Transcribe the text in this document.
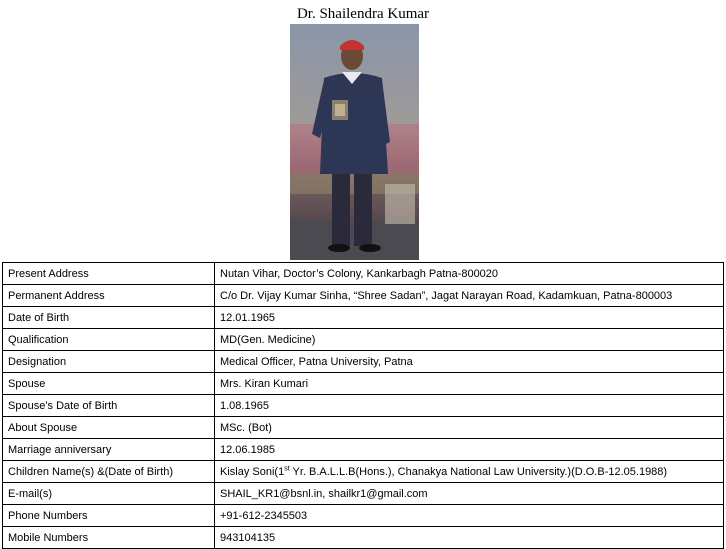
Dr. Shailendra Kumar
Present Address	Nutan Vihar, Doctor’s Colony, Kankarbagh Patna-800020
Permanent Address	C/o Dr. Vijay Kumar Sinha, “Shree Sadan”, Jagat Narayan Road, Kadamkuan, Patna-800003
Date of Birth	12.01.1965
Qualification	MD(Gen. Medicine)
Designation	Medical Officer, Patna University, Patna
Spouse	Mrs. Kiran Kumari
Spouse’s Date of Birth	1.08.1965
About Spouse	MSc. (Bot)
Marriage anniversary	12.06.1985
Children Name(s) &(Date of Birth)	Kislay Soni(1st Yr. B.A.L.L.B(Hons.), Chanakya National Law University.)(D.O.B-12.05.1988)
E-mail(s)	SHAIL_KR1@bsnl.in, shailkr1@gmail.com
Phone Numbers	+91-612-2345503
Mobile Numbers	943104135
